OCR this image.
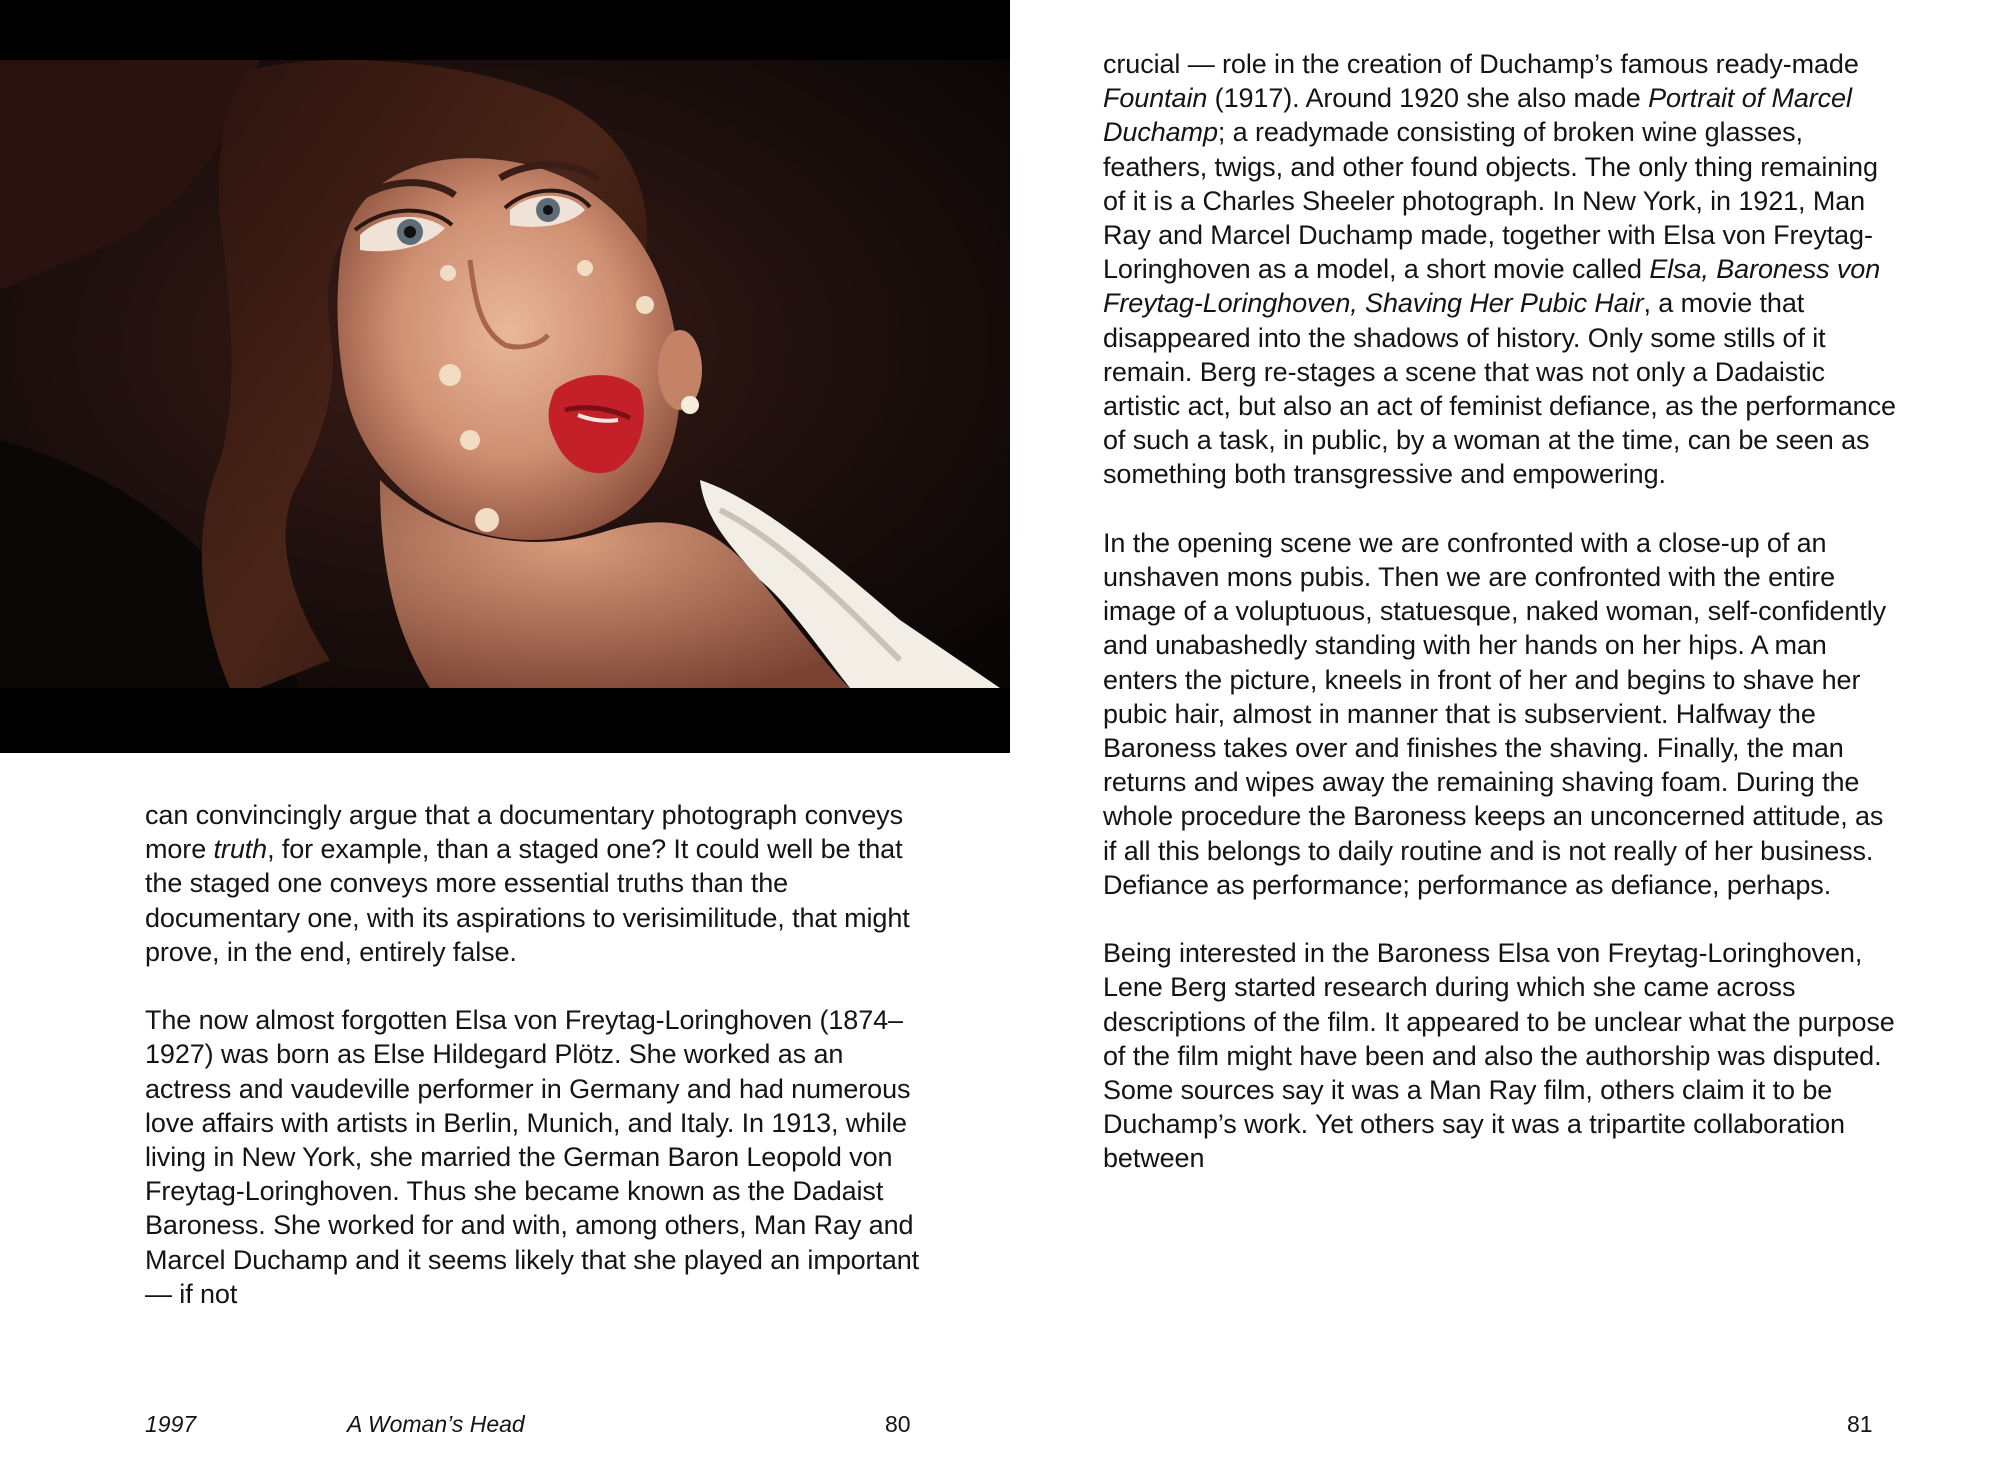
can convincingly argue that a documentary photograph conveys more truth, for example, than a staged one? It could well be that the staged one conveys more essential truths than the documentary one, with its aspirations to verisimilitude, that might prove, in the end, entirely false.

The now almost forgotten Elsa von Freytag-Loringhoven (1874–1927) was born as Else Hildegard Plötz. She worked as an actress and vaudeville performer in Germany and had numerous love affairs with artists in Berlin, Munich, and Italy. In 1913, while living in New York, she married the German Baron Leopold von Freytag-Loringhoven. Thus she became known as the Dadaist Baroness. She worked for and with, among others, Man Ray and Marcel Duchamp and it seems likely that she played an important — if not

crucial — role in the creation of Duchamp’s famous ready-made Fountain (1917). Around 1920 she also made Portrait of Marcel Duchamp; a readymade consisting of broken wine glasses, feathers, twigs, and other found objects. The only thing remaining of it is a Charles Sheeler photograph. In New York, in 1921, Man Ray and Marcel Duchamp made, together with Elsa von Freytag-Loringhoven as a model, a short movie called Elsa, Baroness von Freytag-Loringhoven, Shaving Her Pubic Hair, a movie that disappeared into the shadows of history. Only some stills of it remain. Berg re-stages a scene that was not only a Dadaistic artistic act, but also an act of feminist defiance, as the performance of such a task, in public, by a woman at the time, can be seen as something both transgressive and empowering.

In the opening scene we are confronted with a close-up of an unshaven mons pubis. Then we are confronted with the entire image of a voluptuous, statuesque, naked woman, self-confidently and unabashedly standing with her hands on her hips. A man enters the picture, kneels in front of her and begins to shave her pubic hair, almost in manner that is subservient. Halfway the Baroness takes over and finishes the shaving. Finally, the man returns and wipes away the remaining shaving foam. During the whole procedure the Baroness keeps an unconcerned attitude, as if all this belongs to daily routine and is not really of her business. Defiance as performance; performance as defiance, perhaps.

Being interested in the Baroness Elsa von Freytag-Loringhoven, Lene Berg started research during which she came across descriptions of the film. It appeared to be unclear what the purpose of the film might have been and also the authorship was disputed. Some sources say it was a Man Ray film, others claim it to be Duchamp’s work. Yet others say it was a tripartite collaboration between

1997	A Woman’s Head	80	81
